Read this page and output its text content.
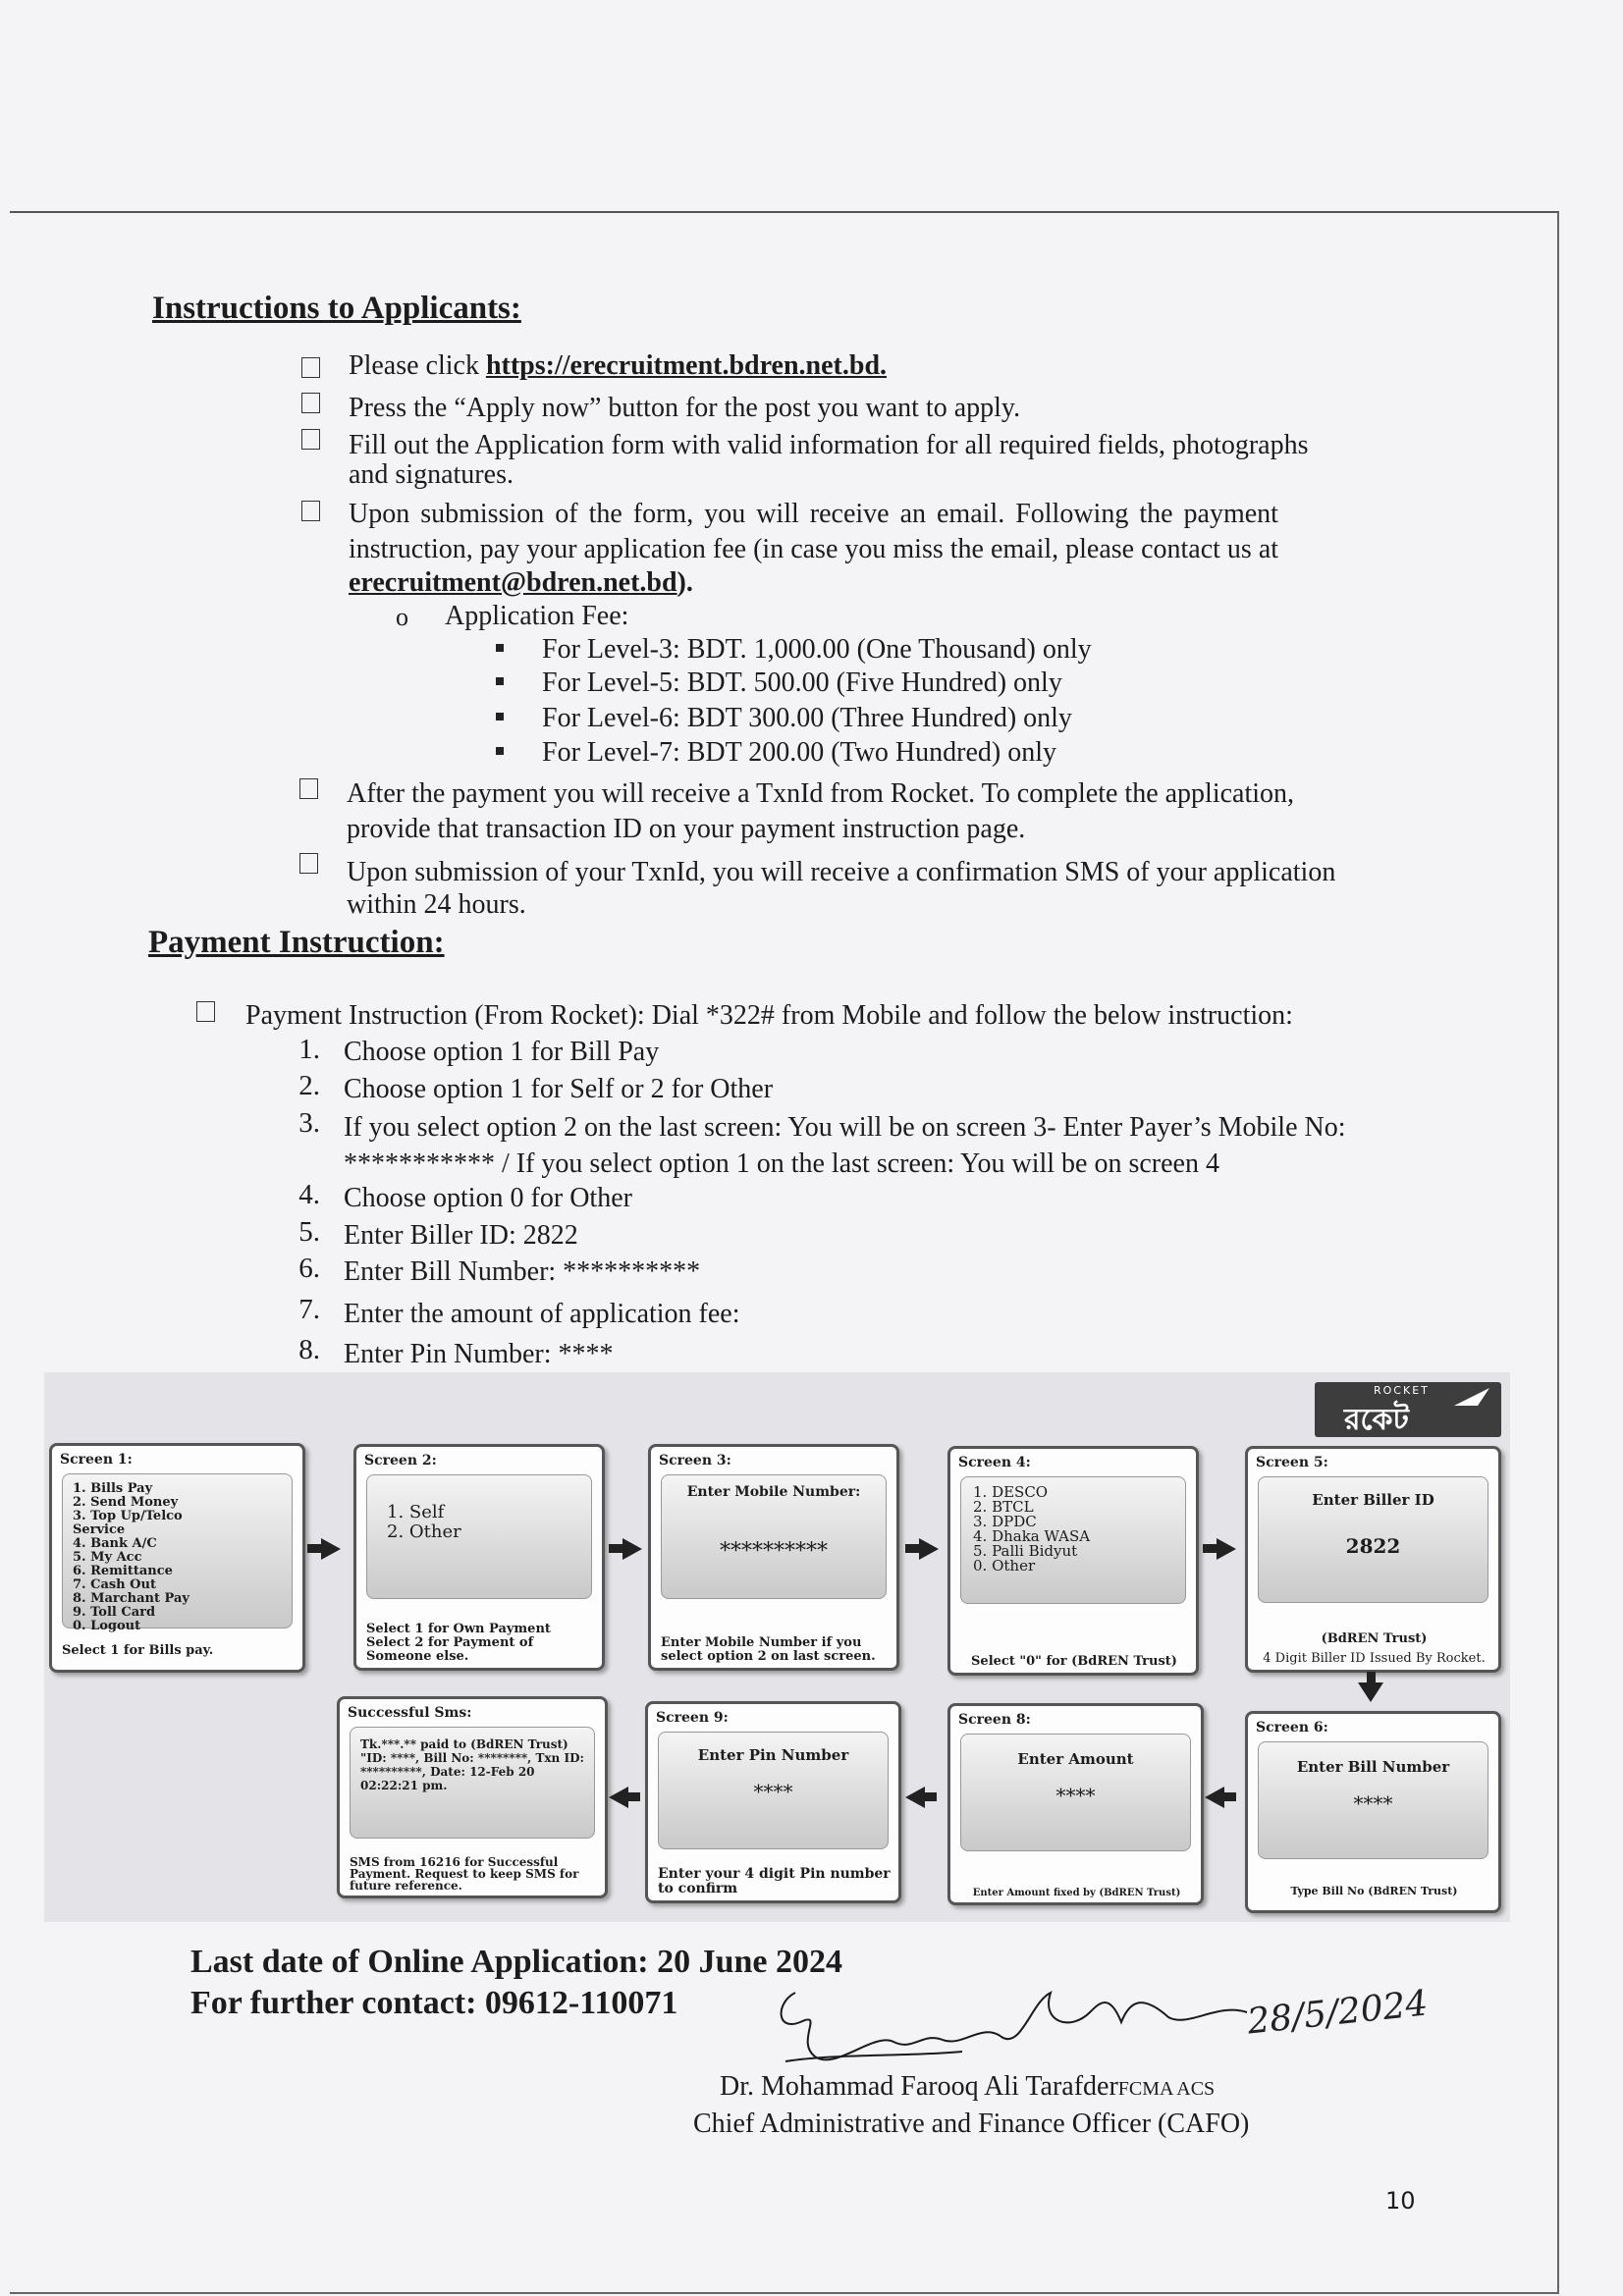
Instructions to Applicants:
Please click https://erecruitment.bdren.net.bd.
Press the “Apply now” button for the post you want to apply.
Fill out the Application form with valid information for all required fields, photographs
and signatures.
Upon submission of the form, you will receive an email. Following the payment
instruction, pay your application fee (in case you miss the email, please contact us at
erecruitment@bdren.net.bd).
o Application Fee:
For Level-3: BDT. 1,000.00 (One Thousand) only
For Level-5: BDT. 500.00 (Five Hundred) only
For Level-6: BDT 300.00 (Three Hundred) only
For Level-7: BDT 200.00 (Two Hundred) only
After the payment you will receive a TxnId from Rocket. To complete the application,
provide that transaction ID on your payment instruction page.
Upon submission of your TxnId, you will receive a confirmation SMS of your application
within 24 hours.
Payment Instruction:
Payment Instruction (From Rocket): Dial *322# from Mobile and follow the below instruction:
1. Choose option 1 for Bill Pay
2. Choose option 1 for Self or 2 for Other
3. If you select option 2 on the last screen: You will be on screen 3- Enter Payer’s Mobile No:
*********** / If you select option 1 on the last screen: You will be on screen 4
4. Choose option 0 for Other
5. Enter Biller ID: 2822
6. Enter Bill Number: **********
7. Enter the amount of application fee:
8. Enter Pin Number: ****
ROCKET
রকেট
Screen 1:
1. Bills Pay
2. Send Money
3. Top Up/Telco
Service
4. Bank A/C
5. My Acc
6. Remittance
7. Cash Out
8. Marchant Pay
9. Toll Card
0. Logout
Select 1 for Bills pay.
Screen 2:
1. Self
2. Other
Select 1 for Own Payment Select 2 for Payment of Someone else.
Screen 3:
Enter Mobile Number:
**********
Enter Mobile Number if you select option 2 on last screen.
Screen 4:
1. DESCO
2. BTCL
3. DPDC
4. Dhaka WASA
5. Palli Bidyut
0. Other
Select "0" for (BdREN Trust)
Screen 5:
Enter Biller ID
2822
(BdREN Trust)
4 Digit Biller ID Issued By Rocket.
Successful Sms:
Tk.***.** paid to (BdREN Trust) "ID: ****, Bill No: ********, Txn ID: **********, Date: 12-Feb 20 02:22:21 pm.
SMS from 16216 for Successful Payment. Request to keep SMS for future reference.
Screen 9:
Enter Pin Number
****
Enter your 4 digit Pin number to confirm
Screen 8:
Enter Amount
****
Enter Amount fixed by (BdREN Trust)
Screen 6:
Enter Bill Number
****
Type Bill No (BdREN Trust)
Last date of Online Application: 20 June 2024
For further contact: 09612-110071	28/5/2024
Dr. Mohammad Farooq Ali TarafderFCMA ACS
Chief Administrative and Finance Officer (CAFO)
10
